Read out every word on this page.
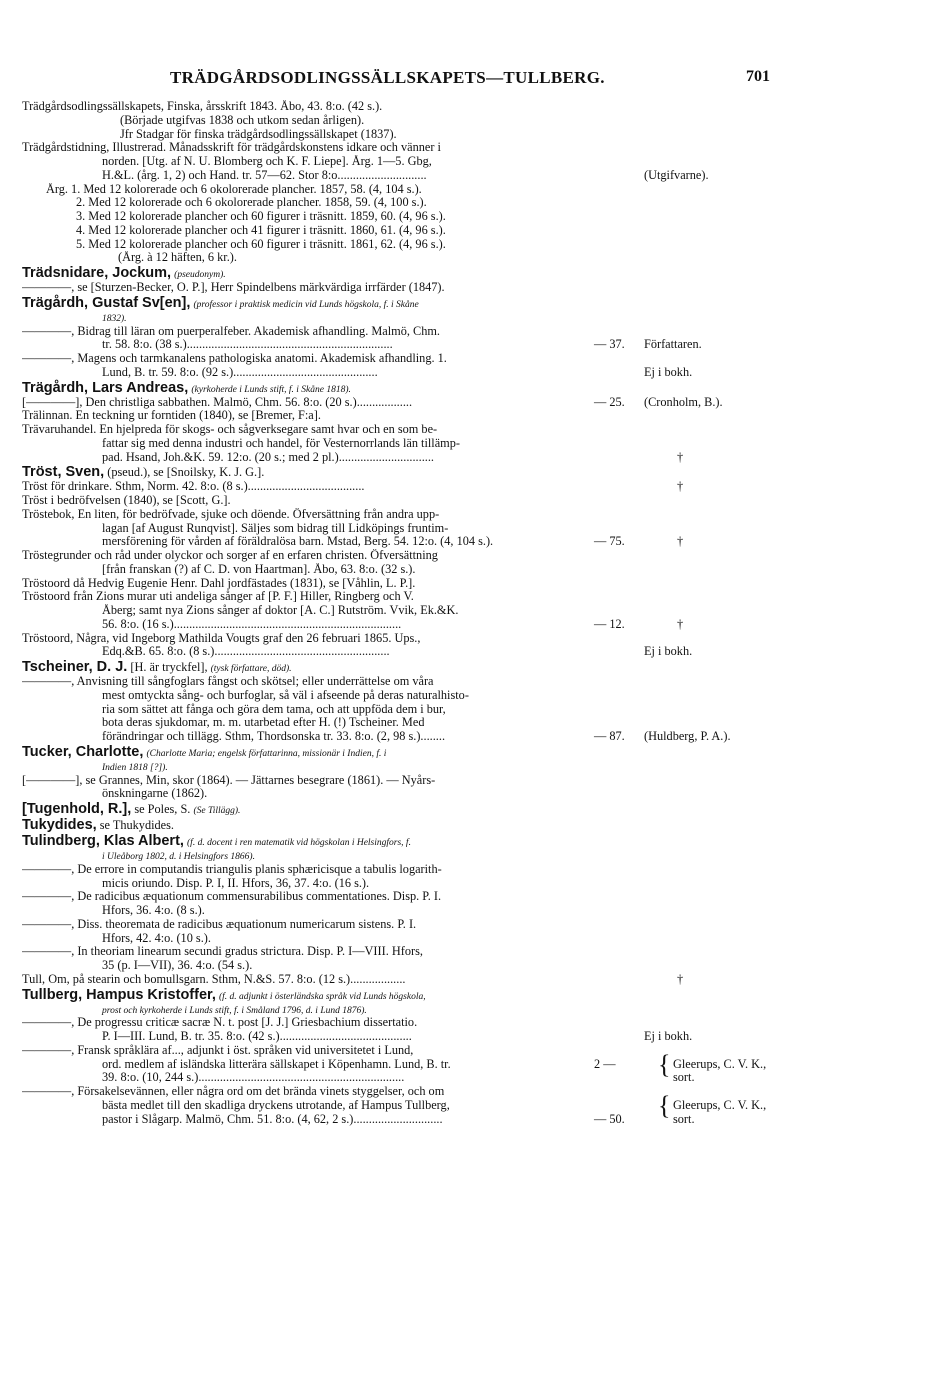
TRÄDGÅRDSODLINGSSÄLLSKAPETS—TULLBERG.	701
Trädgårdsodlingssällskapets, Finska, årsskrift 1843. Åbo, 43. 8:o. (42 s.).
(Började utgifvas 1838 och utkom sedan årligen).
Jfr Stadgar för finska trädgårdsodlingssällskapet (1837).
Trädgårdstidning, Illustrerad. Månadsskrift för trädgårdskonstens idkare och vänner i
norden. [Utg. af N. U. Blomberg och K. F. Liepe]. Årg. 1—5. Gbg,
H.&L. (årg. 1, 2) och Hand. tr. 57—62. Stor 8:o.............................	(Utgifvarne).
Årg. 1. Med 12 kolorerade och 6 okolorerade plancher. 1857, 58. (4, 104 s.).
2. Med 12 kolorerade och 6 okolorerade plancher. 1858, 59. (4, 100 s.).
3. Med 12 kolorerade plancher och 60 figurer i träsnitt. 1859, 60. (4, 96 s.).
4. Med 12 kolorerade plancher och 41 figurer i träsnitt. 1860, 61. (4, 96 s.).
5. Med 12 kolorerade plancher och 60 figurer i träsnitt. 1861, 62. (4, 96 s.).
(Årg. à 12 häften, 6 kr.).
Trädsnidare, Jockum, (pseudonym).
————, se [Sturzen-Becker, O. P.], Herr Spindelbens märkvärdiga irrfärder (1847).
Trägårdh, Gustaf Sv[en], (professor i praktisk medicin vid Lunds högskola, f. i Skåne
1832).
————, Bidrag till läran om puerperalfeber. Akademisk afhandling. Malmö, Chm.
tr. 58. 8:o. (38 s.)...................................................................	— 37. Författaren.
————, Magens och tarmkanalens pathologiska anatomi. Akademisk afhandling. 1.
Lund, B. tr. 59. 8:o. (92 s.)...............................................	Ej i bokh.
Trägårdh, Lars Andreas, (kyrkoherde i Lunds stift, f. i Skåne 1818).
[————], Den christliga sabbathen. Malmö, Chm. 56. 8:o. (20 s.)..................	— 25. (Cronholm, B.).
Trälinnan. En teckning ur forntiden (1840), se [Bremer, F:a].
Trävaruhandel. En hjelpreda för skogs- och sågverksegare samt hvar och en som be-
fattar sig med denna industri och handel, för Vesternorrlands län tillämp-
pad. Hsand, Joh.&K. 59. 12:o. (20 s.; med 2 pl.)...............................	†
Tröst, Sven, (pseud.), se [Snoilsky, K. J. G.].
Tröst för drinkare. Sthm, Norm. 42. 8:o. (8 s.)......................................	†
Tröst i bedröfvelsen (1840), se [Scott, G.].
Tröstebok, En liten, för bedröfvade, sjuke och döende. Öfversättning från andra upp-
lagan [af August Runqvist]. Säljes som bidrag till Lidköpings fruntim-
mersförening för vården af föräldralösa barn. Mstad, Berg. 54. 12:o. (4, 104 s.).	— 75.	†
Tröstegrunder och råd under olyckor och sorger af en erfaren christen. Öfversättning
[från franskan (?) af C. D. von Haartman]. Åbo, 63. 8:o. (32 s.).
Tröstoord då Hedvig Eugenie Henr. Dahl jordfästades (1831), se [Våhlin, L. P.].
Tröstoord från Zions murar uti andeliga sånger af [P. F.] Hiller, Ringberg och V.
Åberg; samt nya Zions sånger af doktor [A. C.] Rutström. Vvik, Ek.&K.
56. 8:o. (16 s.)..........................................................................	— 12.	†
Tröstoord, Några, vid Ingeborg Mathilda Vougts graf den 26 februari 1865. Ups.,
Edq.&B. 65. 8:o. (8 s.).........................................................	Ej i bokh.
Tscheiner, D. J. [H. är tryckfel], (tysk författare, död).
————, Anvisning till sångfoglars fångst och skötsel; eller underrättelse om våra
mest omtyckta sång- och burfoglar, så väl i afseende på deras naturalhisto-
ria som sättet att fånga och göra dem tama, och att uppföda dem i bur,
bota deras sjukdomar, m. m. utarbetad efter H. (!) Tscheiner. Med
förändringar och tillägg. Sthm, Thordsonska tr. 33. 8:o. (2, 98 s.)........	— 87. (Huldberg, P. A.).
Tucker, Charlotte, (Charlotte Maria; engelsk författarinna, missionär i Indien, f. i
Indien 1818 [?]).
[————], se Grannes, Min, skor (1864). — Jättarnes besegrare (1861). — Nyårs-
önskningarne (1862).
[Tugenhold, R.], se Poles, S. (Se Tillägg).
Tukydides, se Thukydides.
Tulindberg, Klas Albert, (f. d. docent i ren matematik vid högskolan i Helsingfors, f.
i Uleåborg 1802, d. i Helsingfors 1866).
————, De errore in computandis triangulis planis sphæricisque a tabulis logarith-
micis oriundo. Disp. P. I, II. Hfors, 36, 37. 4:o. (16 s.).
————, De radicibus æquationum commensurabilibus commentationes. Disp. P. I.
Hfors, 36. 4:o. (8 s.).
————, Diss. theoremata de radicibus æquationum numericarum sistens. P. I.
Hfors, 42. 4:o. (10 s.).
————, In theoriam linearum secundi gradus strictura. Disp. P. I—VIII. Hfors,
35 (p. I—VII), 36. 4:o. (54 s.).
Tull, Om, på stearin och bomullsgarn. Sthm, N.&S. 57. 8:o. (12 s.)..................	†
Tullberg, Hampus Kristoffer, (f. d. adjunkt i österländska språk vid Lunds högskola,
prost och kyrkoherde i Lunds stift, f. i Småland 1796, d. i Lund 1876).
————, De progressu criticæ sacræ N. t. post [J. J.] Griesbachium dissertatio.
P. I—III. Lund, B. tr. 35. 8:o. (42 s.)...........................................	Ej i bokh.
————, Fransk språklära af..., adjunkt i öst. språken vid universitetet i Lund,
ord. medlem af isländska litterära sällskapet i Köpenhamn. Lund, B. tr.	2 — { Gleerups, C. V. K.,
39. 8:o. (10, 244 s.)...................................................................	sort.
————, Försakelsevännen, eller några ord om det brända vinets styggelser, och om
bästa medlet till den skadliga dryckens utrotande, af Hampus Tullberg,	{ Gleerups, C. V. K.,
pastor i Slågarp. Malmö, Chm. 51. 8:o. (4, 62, 2 s.).............................	— 50.	sort.
